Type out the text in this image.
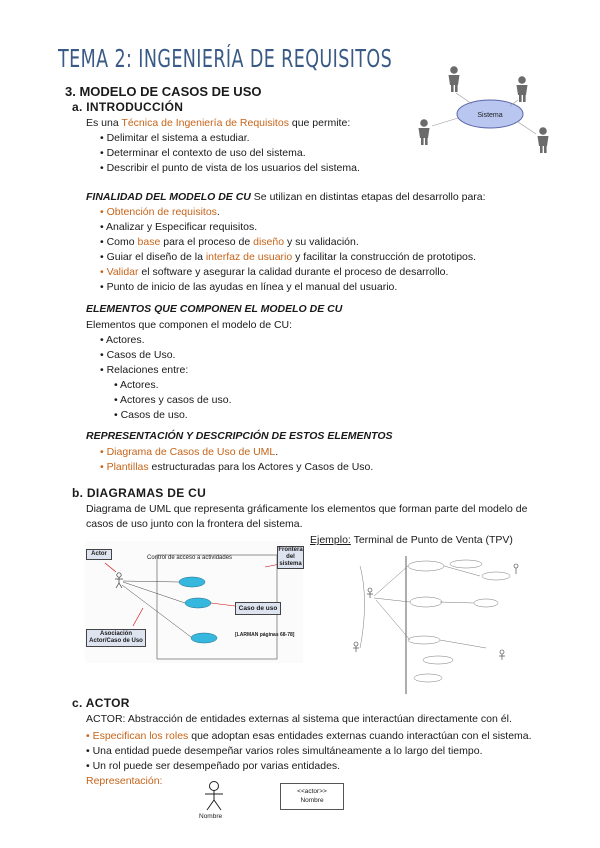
TEMA 2: INGENIERÍA DE REQUISITOS
3. MODELO DE CASOS DE USO
Sistema
a. INTRODUCCIÓN
Es una Técnica de Ingeniería de Requisitos que permite:
• Delimitar el sistema a estudiar.
• Determinar el contexto de uso del sistema.
• Describir el punto de vista de los usuarios del sistema.
FINALIDAD DEL MODELO DE CU Se utilizan en distintas etapas del desarrollo para:
• Obtención de requisitos.
• Analizar y Especificar requisitos.
• Como base para el proceso de diseño y su validación.
• Guiar el diseño de la interfaz de usuario y facilitar la construcción de prototipos.
• Validar el software y asegurar la calidad durante el proceso de desarrollo.
• Punto de inicio de las ayudas en línea y el manual del usuario.
ELEMENTOS QUE COMPONEN EL MODELO DE CU
Elementos que componen el modelo de CU:
• Actores.
• Casos de Uso.
• Relaciones entre:
• Actores.
• Actores y casos de uso.
• Casos de uso.
REPRESENTACIÓN Y DESCRIPCIÓN DE ESTOS ELEMENTOS
• Diagrama de Casos de Uso de UML.
• Plantillas estructuradas para los Actores y Casos de Uso.
b. DIAGRAMAS DE CU
Diagrama de UML que representa gráficamente los elementos que forman parte del modelo de
casos de uso junto con la frontera del sistema.
Actor
Control de acceso a actividades
Frontera del sistema
Caso de uso
Asociación Actor/Caso de Uso
[LARMAN páginas 68-78]
Ejemplo: Terminal de Punto de Venta (TPV)
c. ACTOR
ACTOR: Abstracción de entidades externas al sistema que interactúan directamente con él.
• Especifican los roles que adoptan esas entidades externas cuando interactúan con el sistema.
• Una entidad puede desempeñar varios roles simultáneamente a lo largo del tiempo.
• Un rol puede ser desempeñado por varias entidades.
Representación:
Nombre
<<actor>>
Nombre
